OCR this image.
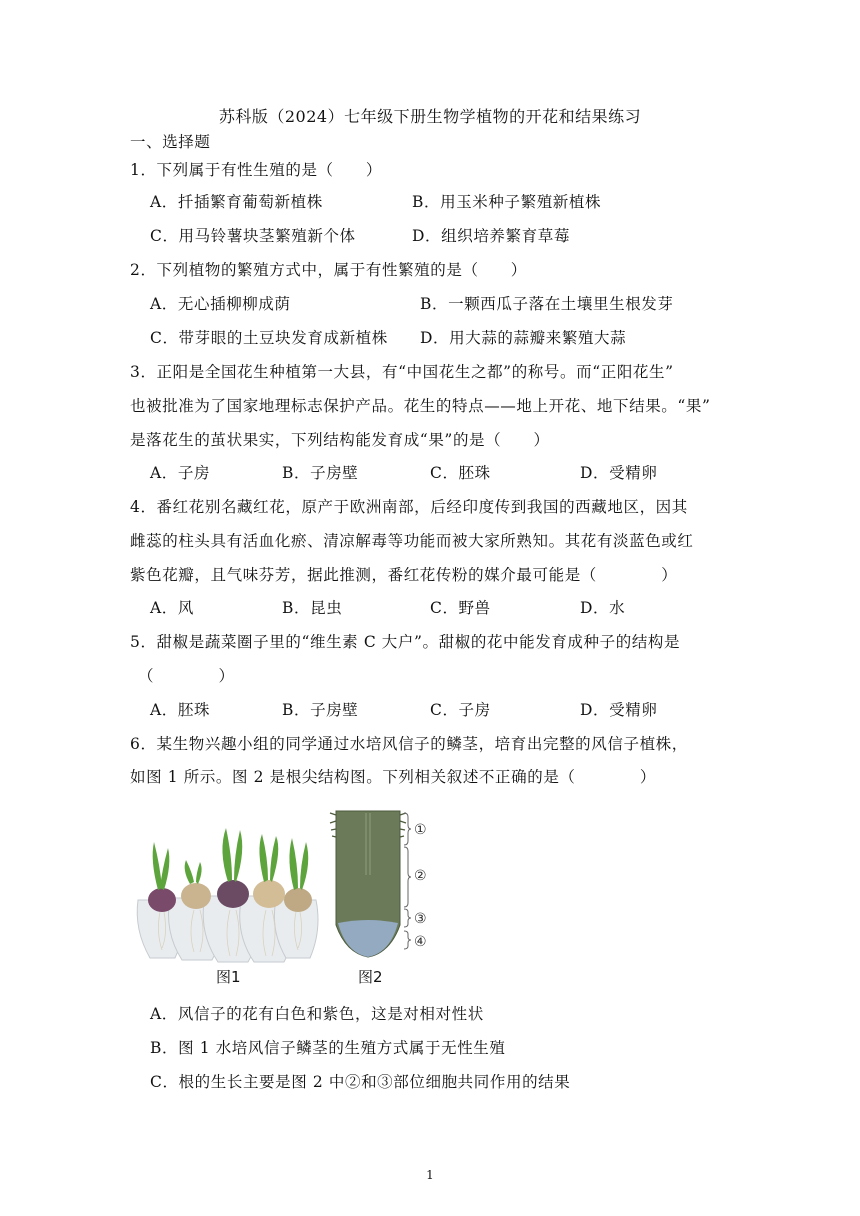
苏科版（2024）七年级下册生物学植物的开花和结果练习
一、选择题
1．下列属于有性生殖的是（　　）
A．扦插繁育葡萄新植株	B．用玉米种子繁殖新植株
C．用马铃薯块茎繁殖新个体	D．组织培养繁育草莓
2．下列植物的繁殖方式中，属于有性繁殖的是（　　）
A．无心插柳柳成荫	B．一颗西瓜子落在土壤里生根发芽
C．带芽眼的土豆块发育成新植株 D．用大蒜的蒜瓣来繁殖大蒜
3．正阳是全国花生种植第一大县，有“中国花生之都”的称号。而“正阳花生”
也被批准为了国家地理标志保护产品。花生的特点——地上开花、地下结果。“果”
是落花生的茧状果实，下列结构能发育成“果”的是（　　）
A．子房	B．子房壁	C．胚珠	D．受精卵
4．番红花别名藏红花，原产于欧洲南部，后经印度传到我国的西藏地区，因其
雌蕊的柱头具有活血化瘀、清凉解毒等功能而被大家所熟知。其花有淡蓝色或红
紫色花瓣，且气味芬芳，据此推测，番红花传粉的媒介最可能是（　　　　）
A．风	B．昆虫	C．野兽	D．水
5．甜椒是蔬菜圈子里的“维生素 C 大户”。甜椒的花中能发育成种子的结构是
（　　　　）
A．胚珠	B．子房壁	C．子房	D．受精卵
6．某生物兴趣小组的同学通过水培风信子的鳞茎，培育出完整的风信子植株，
如图 1 所示。图 2 是根尖结构图。下列相关叙述不正确的是（　　　　）
图1
①
②
③
④
图2
A．风信子的花有白色和紫色，这是对相对性状
B．图 1 水培风信子鳞茎的生殖方式属于无性生殖
C．根的生长主要是图 2 中②和③部位细胞共同作用的结果
1
